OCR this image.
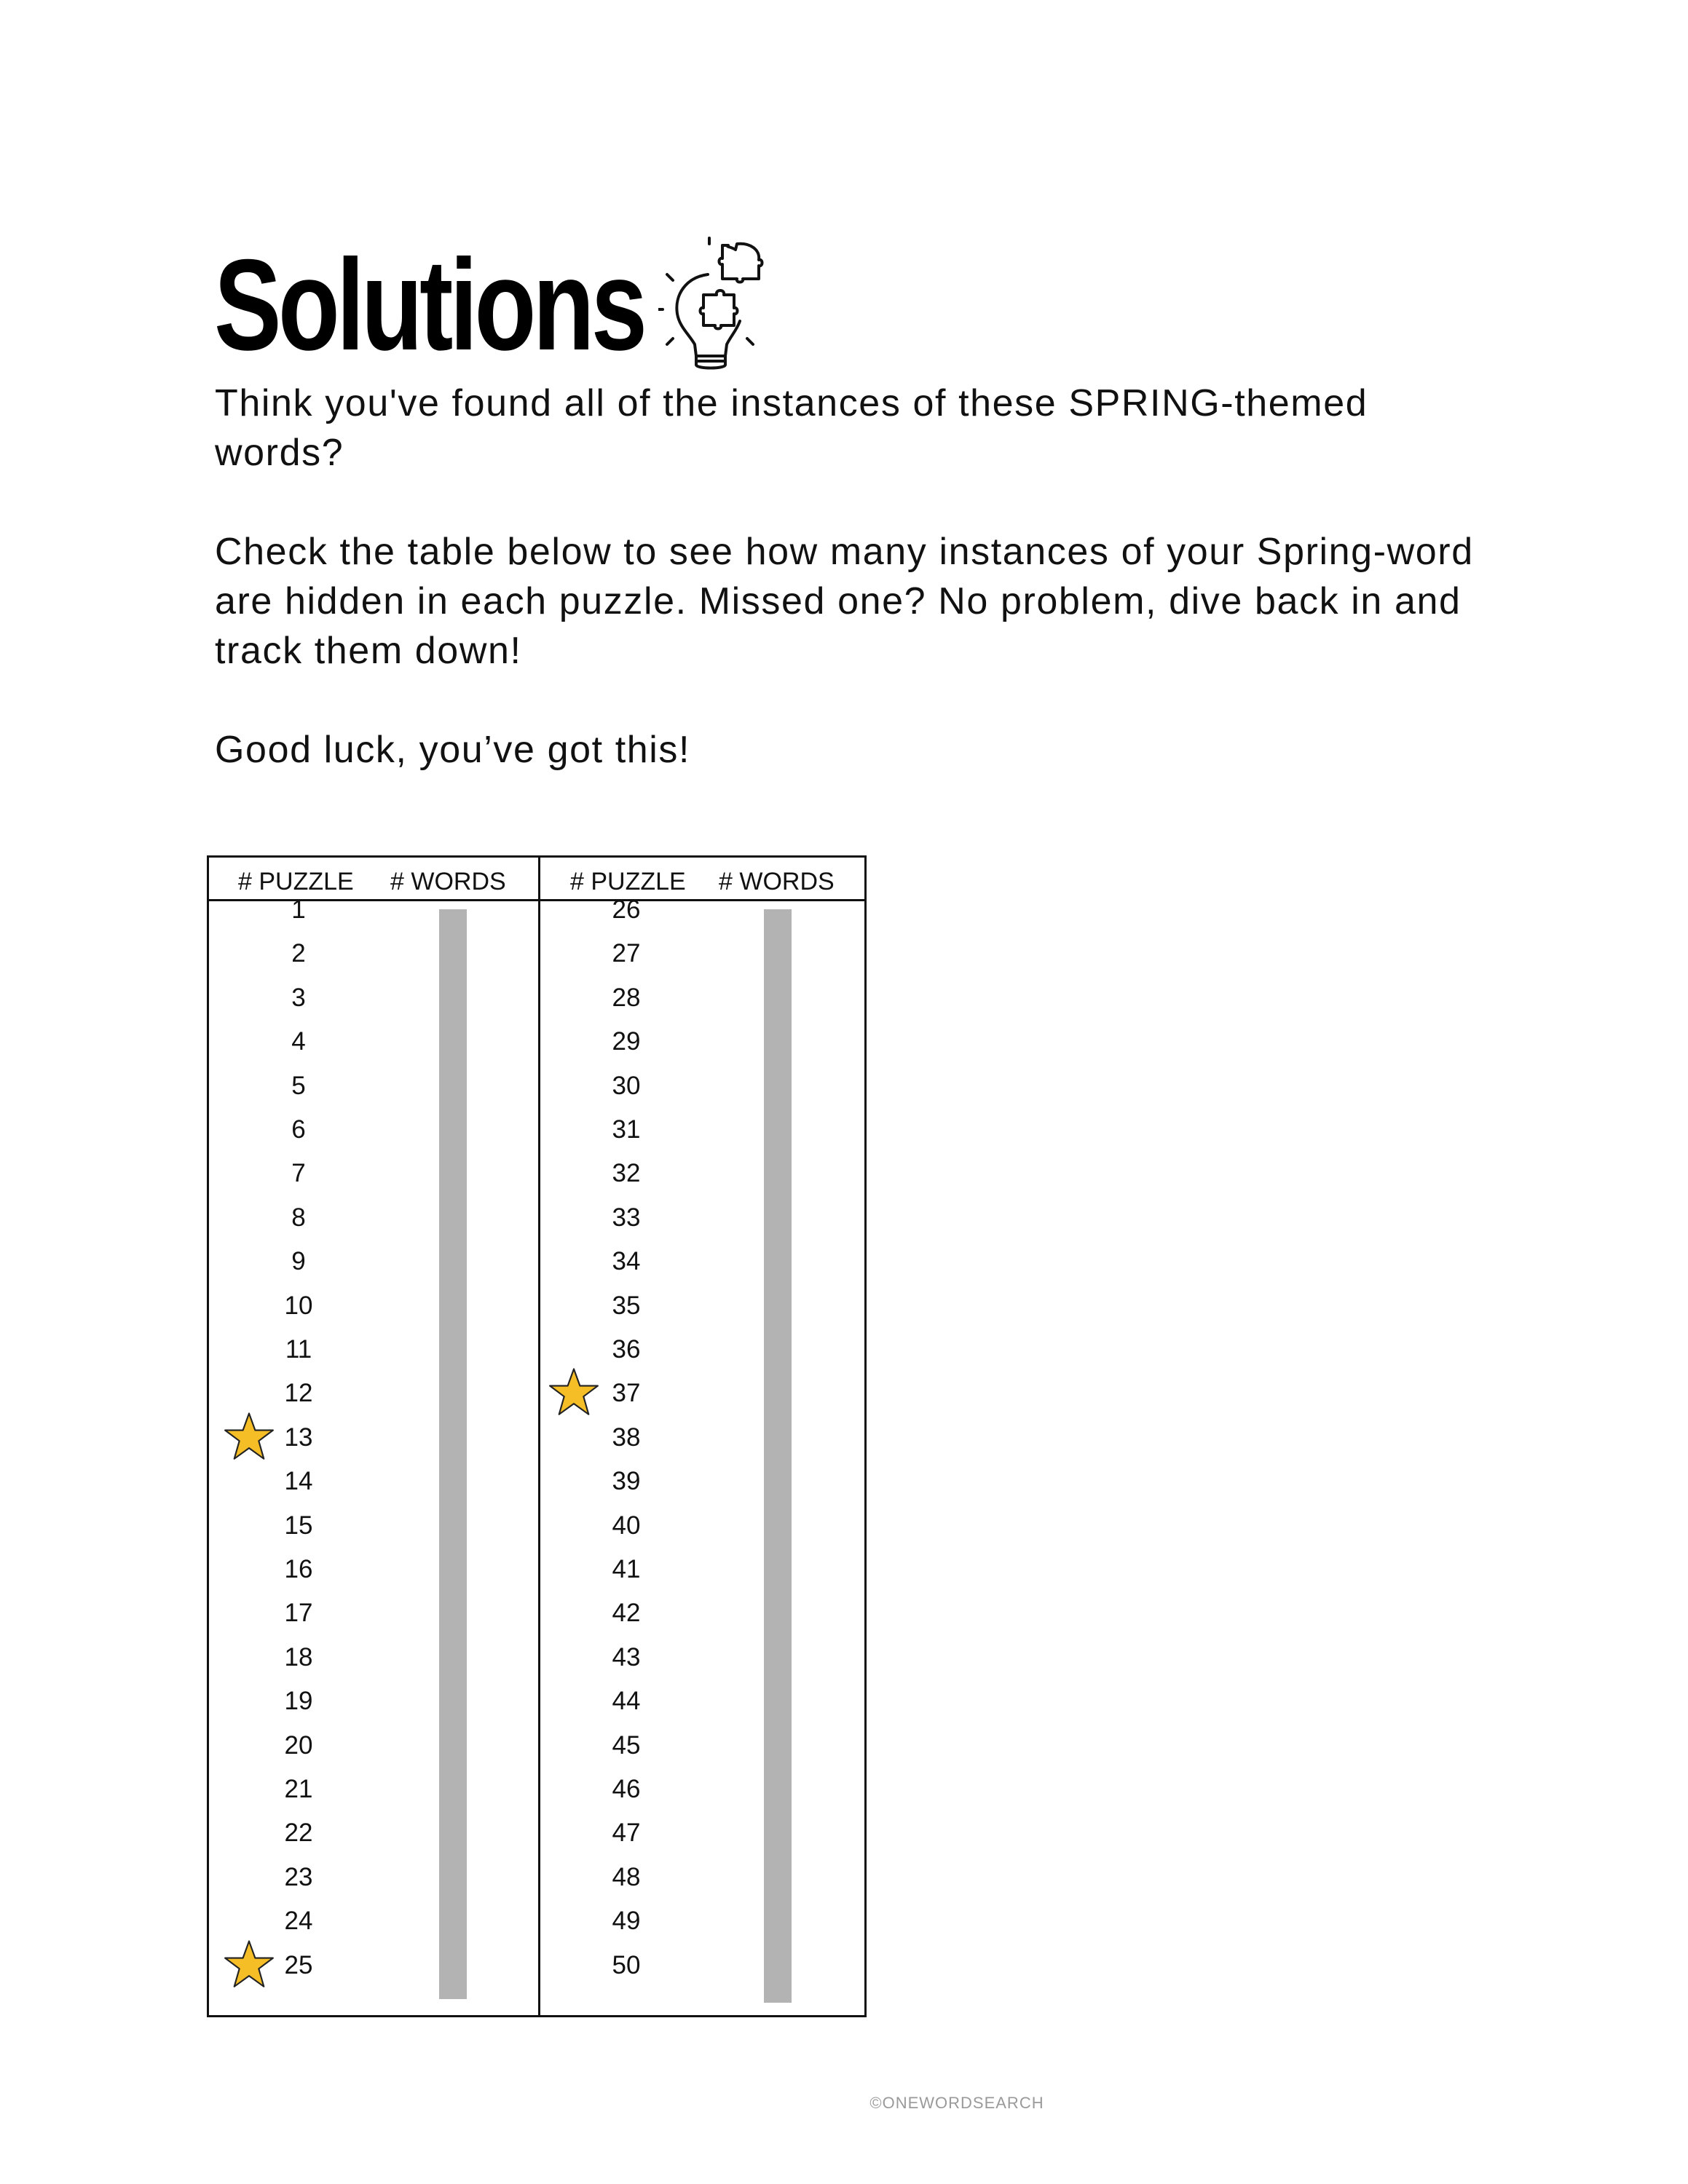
Solutions

Think you've found all of the instances of these SPRING-themed words?

Check the table below to see how many instances of your Spring-word are hidden in each puzzle. Missed one? No problem, dive back in and track them down!

Good luck, you’ve got this!

# PUZZLE # WORDS	# PUZZLE # WORDS
1
2
3
4
5
6
7
8
9
10
11
12
13
14
15
16
17
18
19
20
21
22
23
24
25
26
27
28
29
30
31
32
33
34
35
36
37
38
39
40
41
42
43
44
45
46
47
48
49
50
©ONEWORDSEARCH
